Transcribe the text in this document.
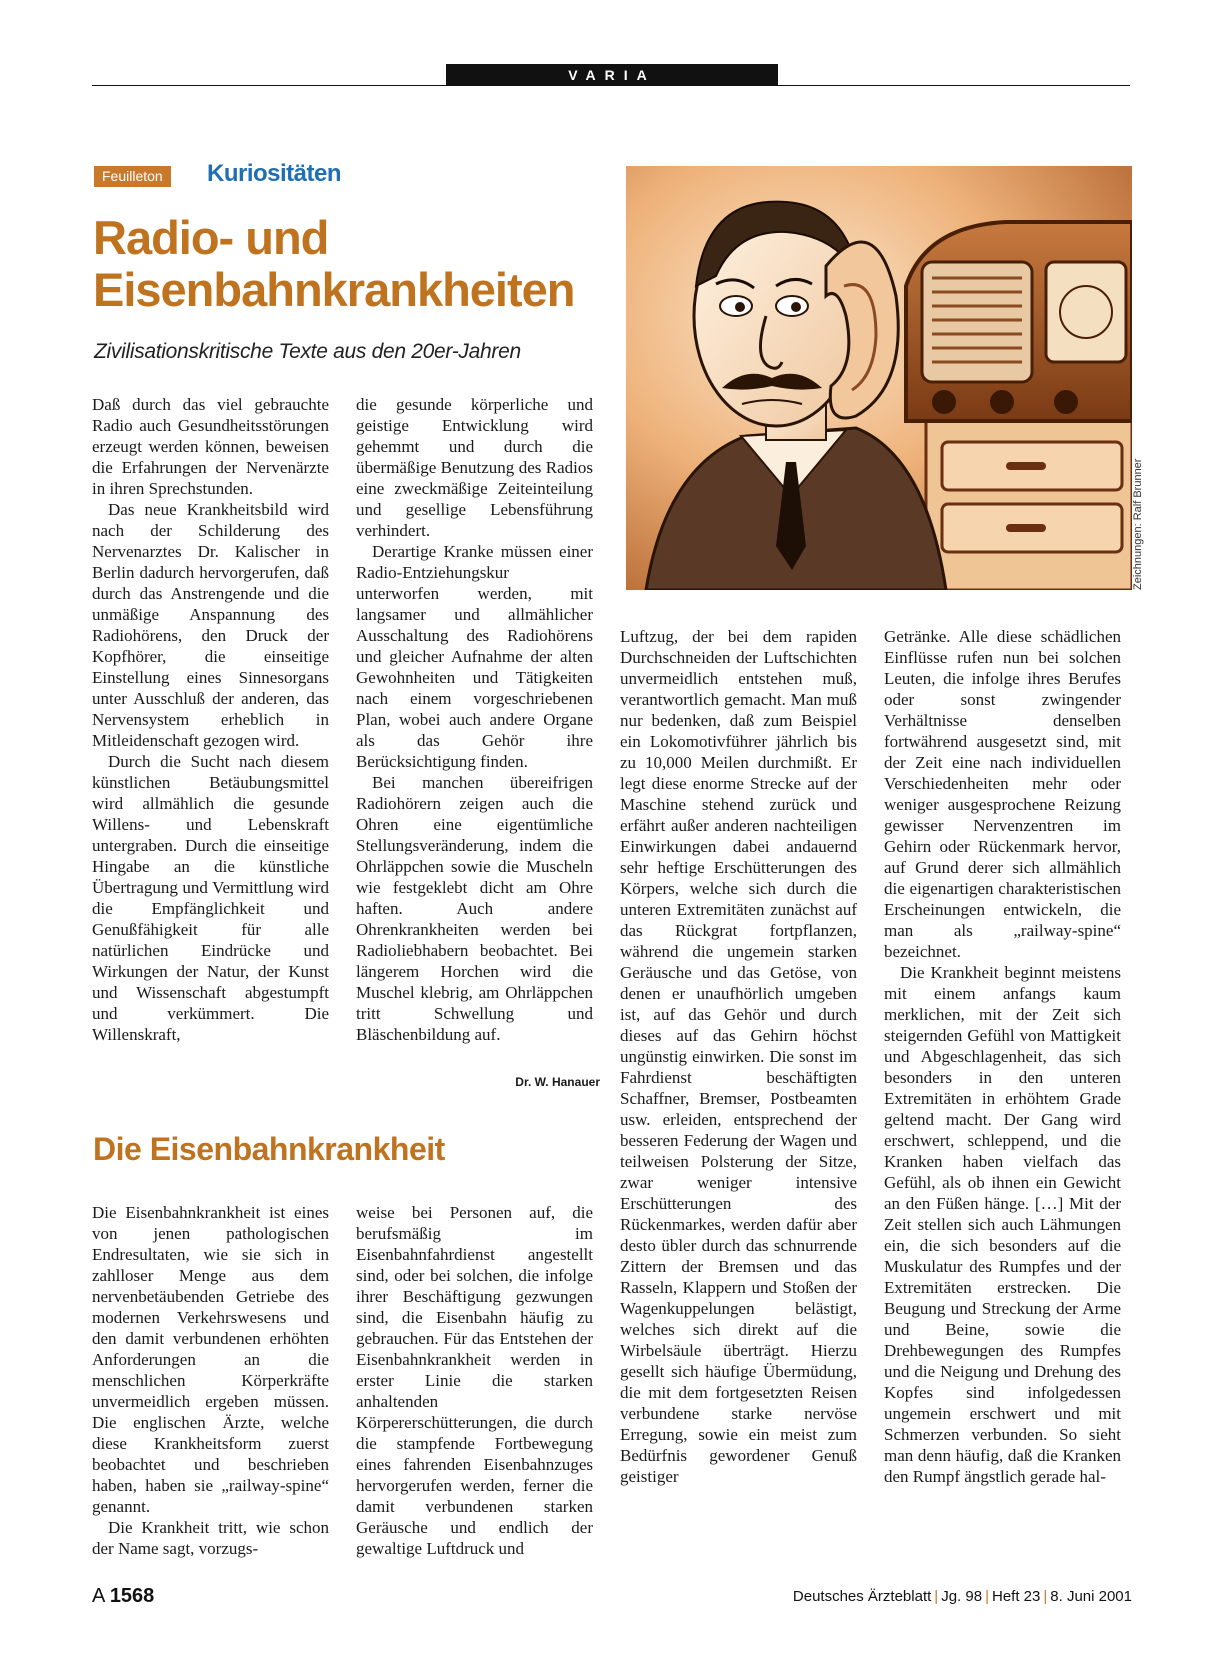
VARIA
Feuilleton	Kuriositäten
Radio- und Eisenbahnkrankheiten
Zivilisationskritische Texte aus den 20er-Jahren

Daß durch das viel gebrauchte Radio auch Gesundheitsstörungen erzeugt werden können, beweisen die Erfahrungen der Nervenärzte in ihren Sprechstunden.

Das neue Krankheitsbild wird nach der Schilderung des Nervenarztes Dr. Kalischer in Berlin dadurch hervorgerufen, daß durch das Anstrengende und die unmäßige Anspannung des Radiohörens, den Druck der Kopfhörer, die einseitige Einstellung eines Sinnesorgans unter Ausschluß der anderen, das Nervensystem erheblich in Mitleidenschaft gezogen wird.

Durch die Sucht nach diesem künstlichen Betäubungsmittel wird allmählich die gesunde Willens- und Lebenskraft untergraben. Durch die einseitige Hingabe an die künstliche Übertragung und Vermittlung wird die Empfänglichkeit und Genußfähigkeit für alle natürlichen Eindrücke und Wirkungen der Natur, der Kunst und Wissenschaft abgestumpft und verkümmert. Die Willenskraft,

die gesunde körperliche und geistige Entwicklung wird gehemmt und durch die übermäßige Benutzung des Radios eine zweckmäßige Zeiteinteilung und gesellige Lebensführung verhindert.

Derartige Kranke müssen einer Radio-Entziehungskur unterworfen werden, mit langsamer und allmählicher Ausschaltung des Radiohörens und gleicher Aufnahme der alten Gewohnheiten und Tätigkeiten nach einem vorgeschriebenen Plan, wobei auch andere Organe als das Gehör ihre Berücksichtigung finden.

Bei manchen übereifrigen Radiohörern zeigen auch die Ohren eine eigentümliche Stellungsveränderung, indem die Ohrläppchen sowie die Muscheln wie festgeklebt dicht am Ohre haften. Auch andere Ohrenkrankheiten werden bei Radioliebhabern beobachtet. Bei längerem Horchen wird die Muschel klebrig, am Ohrläppchen tritt Schwellung und Bläschenbildung auf.

Dr. W. Hanauer
Zeichnungen: Ralf Brunner
Die Eisenbahnkrankheit

Die Eisenbahnkrankheit ist eines von jenen pathologischen Endresultaten, wie sie sich in zahlloser Menge aus dem nervenbetäubenden Getriebe des modernen Verkehrswesens und den damit verbundenen erhöhten Anforderungen an die menschlichen Körperkräfte unvermeidlich ergeben müssen. Die englischen Ärzte, welche diese Krankheitsform zuerst beobachtet und beschrieben haben, haben sie „railway-spine“ genannt.

Die Krankheit tritt, wie schon der Name sagt, vorzugs-

weise bei Personen auf, die berufsmäßig im Eisenbahnfahrdienst angestellt sind, oder bei solchen, die infolge ihrer Beschäftigung gezwungen sind, die Eisenbahn häufig zu gebrauchen. Für das Entstehen der Eisenbahnkrankheit werden in erster Linie die starken anhaltenden Körpererschütterungen, die durch die stampfende Fortbewegung eines fahrenden Eisenbahnzuges hervorgerufen werden, ferner die damit verbundenen starken Geräusche und endlich der gewaltige Luftdruck und

Luftzug, der bei dem rapiden Durchschneiden der Luftschichten unvermeidlich entstehen muß, verantwortlich gemacht. Man muß nur bedenken, daß zum Beispiel ein Lokomotivführer jährlich bis zu 10,000 Meilen durchmißt. Er legt diese enorme Strecke auf der Maschine stehend zurück und erfährt außer anderen nachteiligen Einwirkungen dabei andauernd sehr heftige Erschütterungen des Körpers, welche sich durch die unteren Extremitäten zunächst auf das Rückgrat fortpflanzen, während die ungemein starken Geräusche und das Getöse, von denen er unaufhörlich umgeben ist, auf das Gehör und durch dieses auf das Gehirn höchst ungünstig einwirken. Die sonst im Fahrdienst beschäftigten Schaffner, Bremser, Postbeamten usw. erleiden, entsprechend der besseren Federung der Wagen und teilweisen Polsterung der Sitze, zwar weniger intensive Erschütterungen des Rückenmarkes, werden dafür aber desto übler durch das schnurrende Zittern der Bremsen und das Rasseln, Klappern und Stoßen der Wagenkuppelungen belästigt, welches sich direkt auf die Wirbelsäule überträgt. Hierzu gesellt sich häufige Übermüdung, die mit dem fortgesetzten Reisen verbundene starke nervöse Erregung, sowie ein meist zum Bedürfnis gewordener Genuß geistiger

Getränke. Alle diese schädlichen Einflüsse rufen nun bei solchen Leuten, die infolge ihres Berufes oder sonst zwingender Verhältnisse denselben fortwährend ausgesetzt sind, mit der Zeit eine nach individuellen Verschiedenheiten mehr oder weniger ausgesprochene Reizung gewisser Nervenzentren im Gehirn oder Rückenmark hervor, auf Grund derer sich allmählich die eigenartigen charakteristischen Erscheinungen entwickeln, die man als „railway-spine“ bezeichnet.

Die Krankheit beginnt meistens mit einem anfangs kaum merklichen, mit der Zeit sich steigernden Gefühl von Mattigkeit und Abgeschlagenheit, das sich besonders in den unteren Extremitäten in erhöhtem Grade geltend macht. Der Gang wird erschwert, schleppend, und die Kranken haben vielfach das Gefühl, als ob ihnen ein Gewicht an den Füßen hänge. […] Mit der Zeit stellen sich auch Lähmungen ein, die sich besonders auf die Muskulatur des Rumpfes und der Extremitäten erstrecken. Die Beugung und Streckung der Arme und Beine, sowie die Drehbewegungen des Rumpfes und die Neigung und Drehung des Kopfes sind infolgedessen ungemein erschwert und mit Schmerzen verbunden. So sieht man denn häufig, daß die Kranken den Rumpf ängstlich gerade hal-

A 1568	Deutsches Ärzteblatt | Jg. 98 | Heft 23 | 8. Juni 2001
